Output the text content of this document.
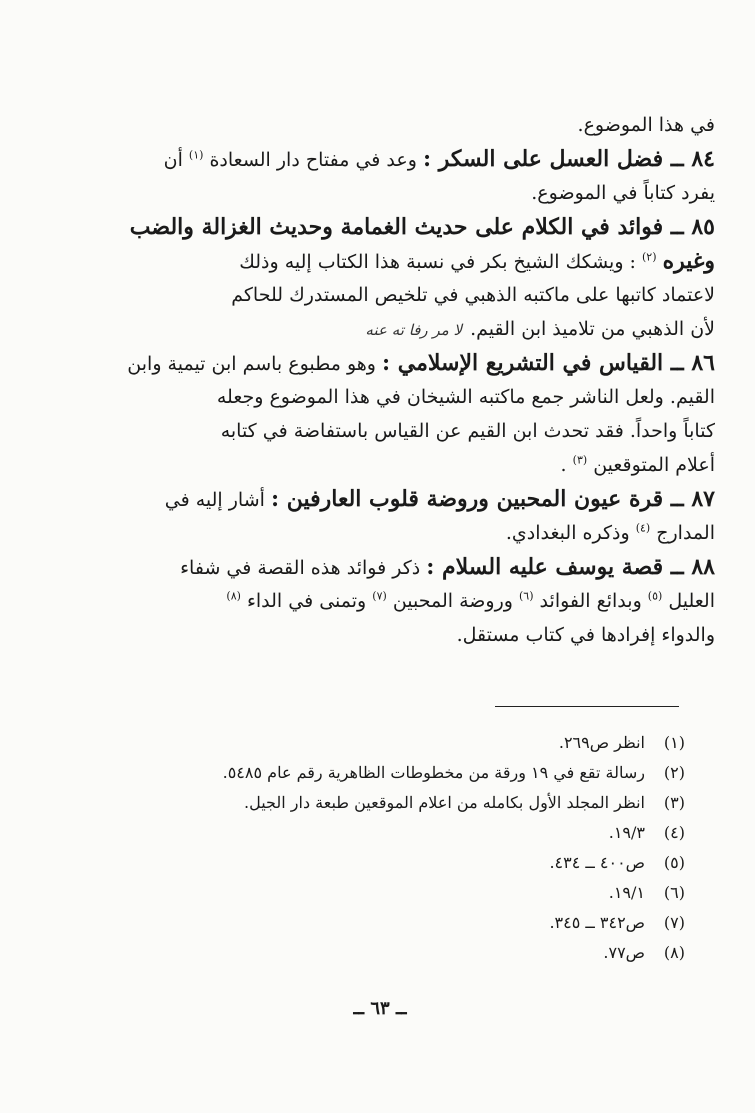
في هذا الموضوع.
٨٤ ــ فضل العسل على السكر : وعد في مفتاح دار السعادة $^{(١)}$ أن
يفرد كتاباً في الموضوع.
٨٥ ــ فوائد في الكلام على حديث الغمامة وحديث الغزالة والضب
وغيره $^{(٢)}$ : ويشكك الشيخ بكر في نسبة هذا الكتاب إليه وذلك
لاعتماد كاتبها على ماكتبه الذهبي في تلخيص المستدرك للحاكم
لأن الذهبي من تلاميذ ابن القيم.لا مر رفا ته عنه
٨٦ ــ القياس في التشريع الإسلامي : وهو مطبوع باسم ابن تيمية وابن
القيم. ولعل الناشر جمع ماكتبه الشيخان في هذا الموضوع وجعله
كتاباً واحداً. فقد تحدث ابن القيم عن القياس باستفاضة في كتابه
أعلام المتوقعين $^{(٣)}$ .
٨٧ ــ قرة عيون المحبين وروضة قلوب العارفين : أشار إليه في
المدارج $^{(٤)}$ وذكره البغدادي.
٨٨ ــ قصة يوسف عليه السلام : ذكر فوائد هذه القصة في شفاء
العليل $^{(٥)}$ وبدائع الفوائد $^{(٦)}$ وروضة المحبين $^{(٧)}$ وتمنى في الداء $^{(٨)}$
والدواء إفرادها في كتاب مستقل.
(١)انظر ص٢٦٩.
(٢)رسالة تقع في ١٩ ورقة من مخطوطات الظاهرية رقم عام ٥٤٨٥.
(٣)انظر المجلد الأول بكامله من اعلام الموقعين طبعة دار الجيل.
(٤)١٩/٣.
(٥)ص٤٠٠ ــ ٤٣٤.
(٦)١٩/١.
(٧)ص٣٤٢ ــ ٣٤٥.
(٨)ص٧٧.
ــ ٦٣ ــ
